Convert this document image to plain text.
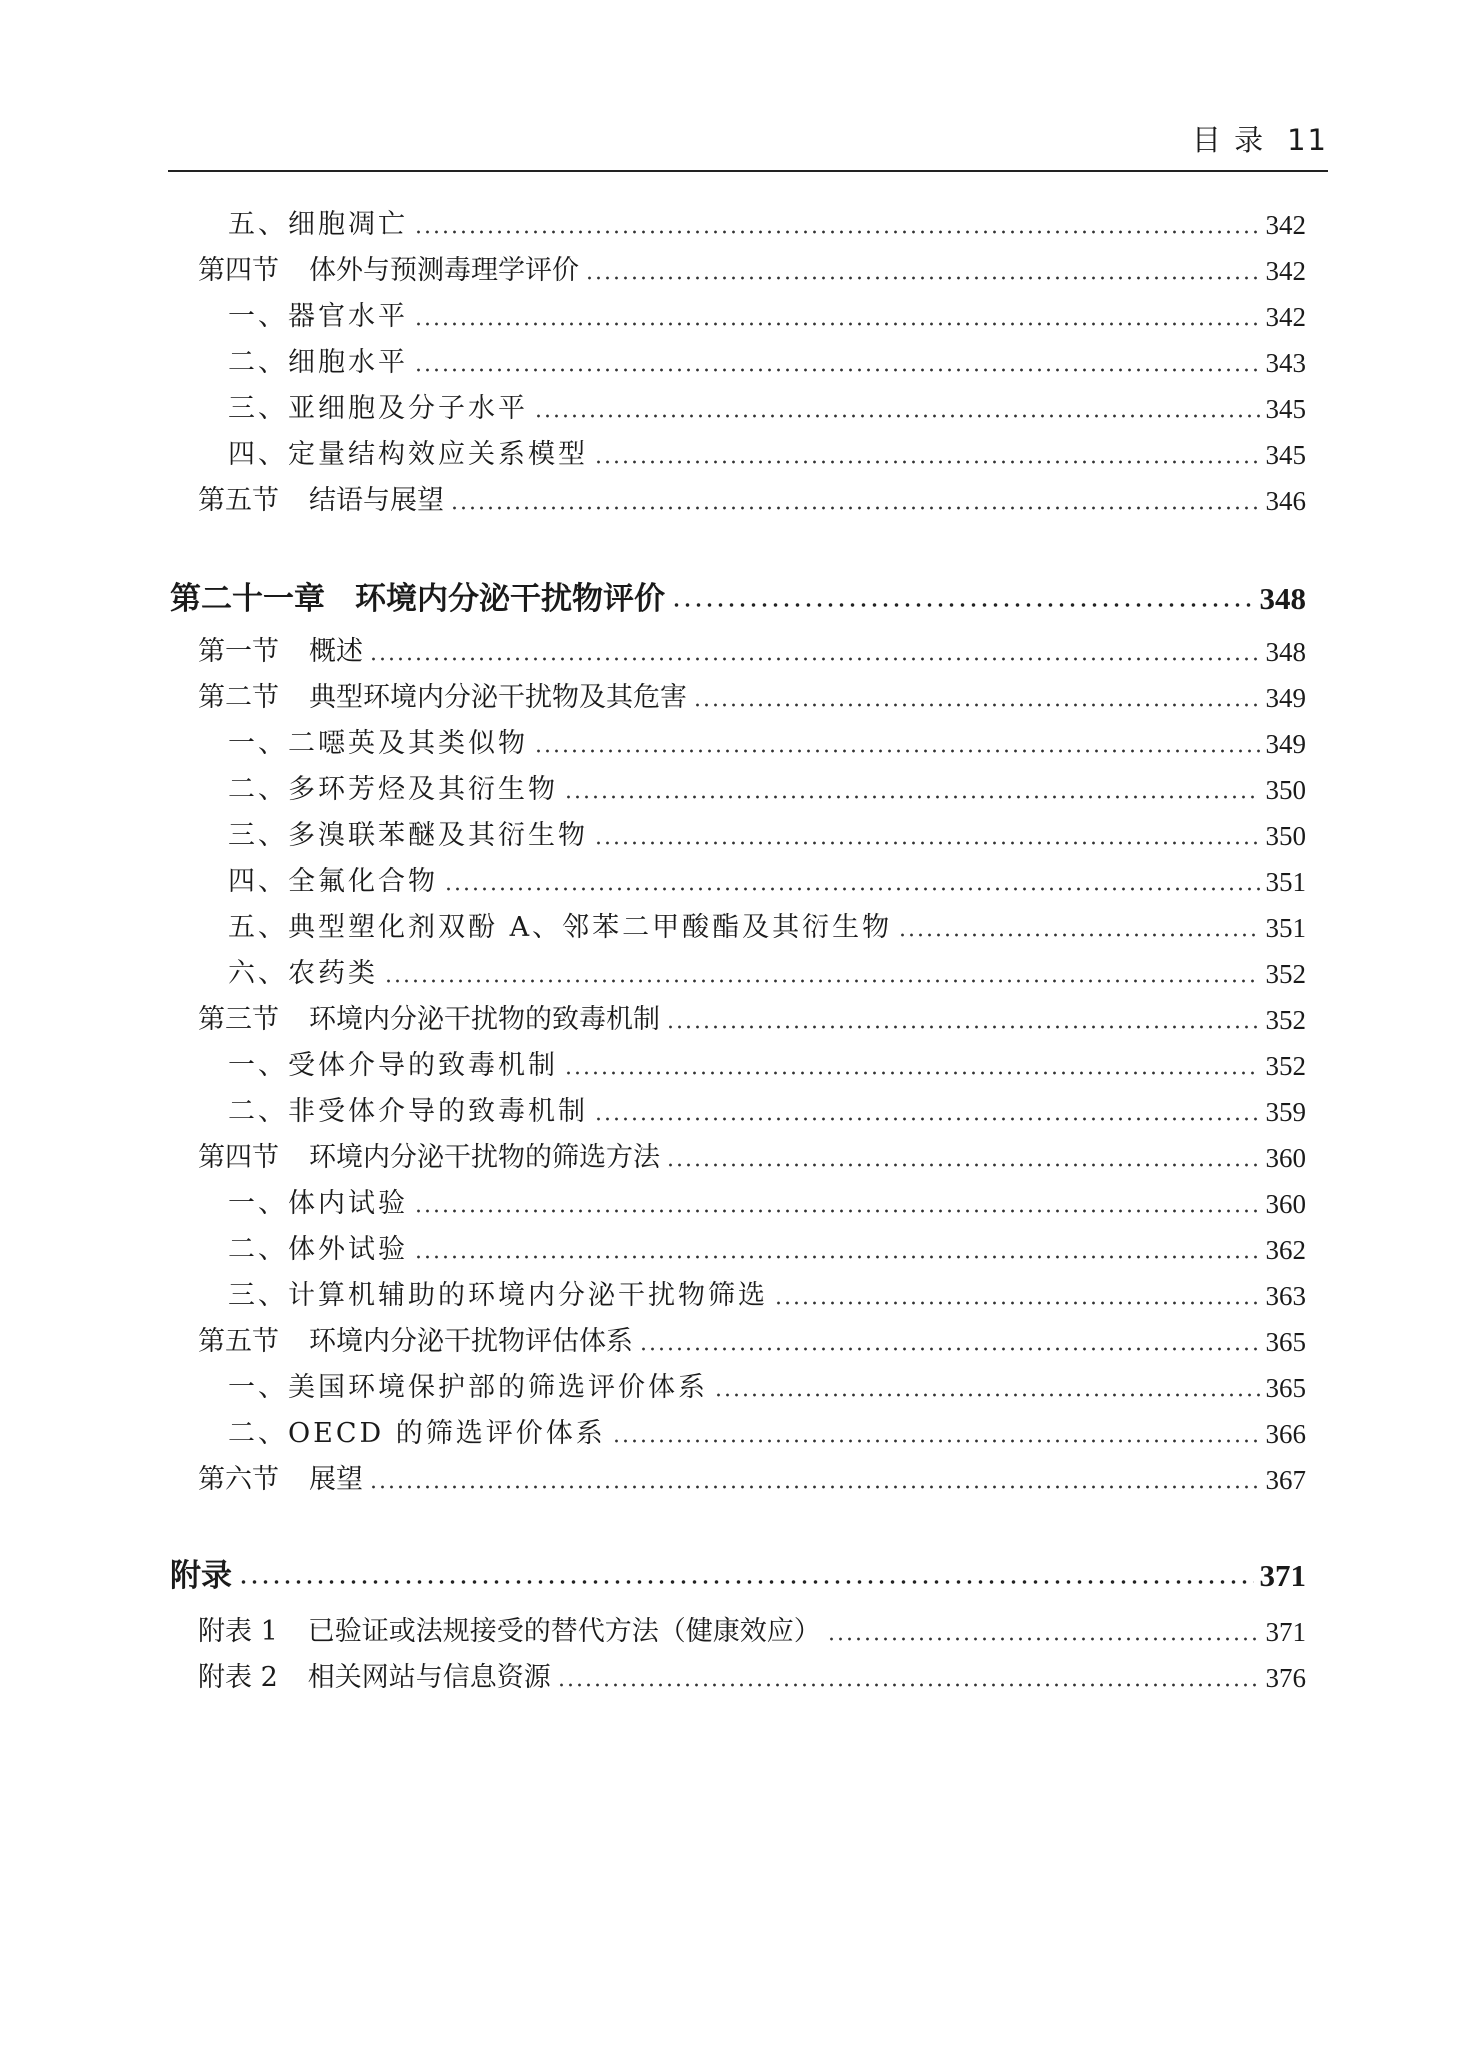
目 录 11
五、 细胞凋亡	342
第四节 体外与预测毒理学评价	342
一、 器官水平	342
二、 细胞水平	343
三、 亚细胞及分子水平	345
四、 定量结构效应关系模型	345
第五节 结语与展望	346
第二十一章 环境内分泌干扰物评价	348
第一节 概述	348
第二节 典型环境内分泌干扰物及其危害	349
一、 二噁英及其类似物	349
二、 多环芳烃及其衍生物	350
三、 多溴联苯醚及其衍生物	350
四、 全氟化合物	351
五、 典型塑化剂双酚 A、邻苯二甲酸酯及其衍生物	351
六、 农药类	352
第三节 环境内分泌干扰物的致毒机制	352
一、 受体介导的致毒机制	352
二、 非受体介导的致毒机制	359
第四节 环境内分泌干扰物的筛选方法	360
一、 体内试验	360
二、 体外试验	362
三、 计算机辅助的环境内分泌干扰物筛选	363
第五节 环境内分泌干扰物评估体系	365
一、 美国环境保护部的筛选评价体系	365
二、 OECD 的筛选评价体系	366
第六节 展望	367
附录	371
附表 1 已验证或法规接受的替代方法（健康效应）	371
附表 2 相关网站与信息资源	376
